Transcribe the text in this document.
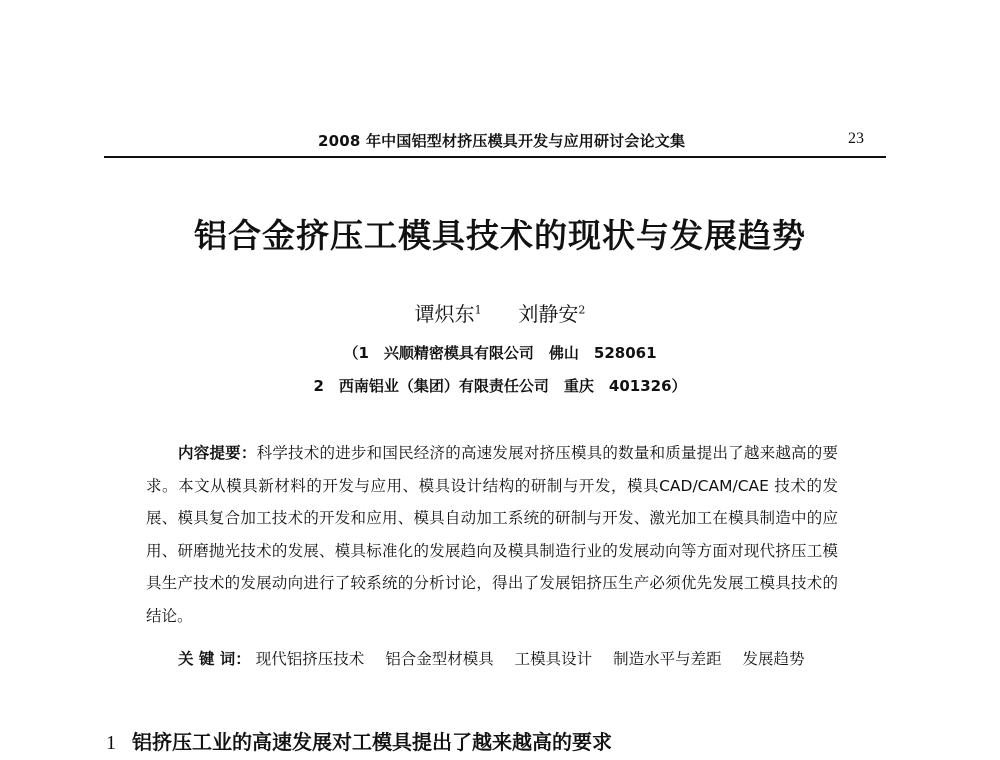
2008 年中国铝型材挤压模具开发与应用研讨会论文集	23
铝合金挤压工模具技术的现状与发展趋势
谭炽东$^1$ 刘静安$^2$
（1　兴顺精密模具有限公司　佛山　528061
2　西南铝业（集团）有限责任公司　重庆　401326）
内容提要：科学技术的进步和国民经济的高速发展对挤压模具的数量和质量提出了越来越高的要求。本文从模具新材料的开发与应用、模具设计结构的研制与开发，模具CAD/CAM/CAE 技术的发展、模具复合加工技术的开发和应用、模具自动加工系统的研制与开发、激光加工在模具制造中的应用、研磨抛光技术的发展、模具标准化的发展趋向及模具制造行业的发展动向等方面对现代挤压工模具生产技术的发展动向进行了较系统的分析讨论，得出了发展铝挤压生产必须优先发展工模具技术的结论。
关 键 词： 现代铝挤压技术 铝合金型材模具 工模具设计 制造水平与差距 发展趋势
1 铝挤压工业的高速发展对工模具提出了越来越高的要求
